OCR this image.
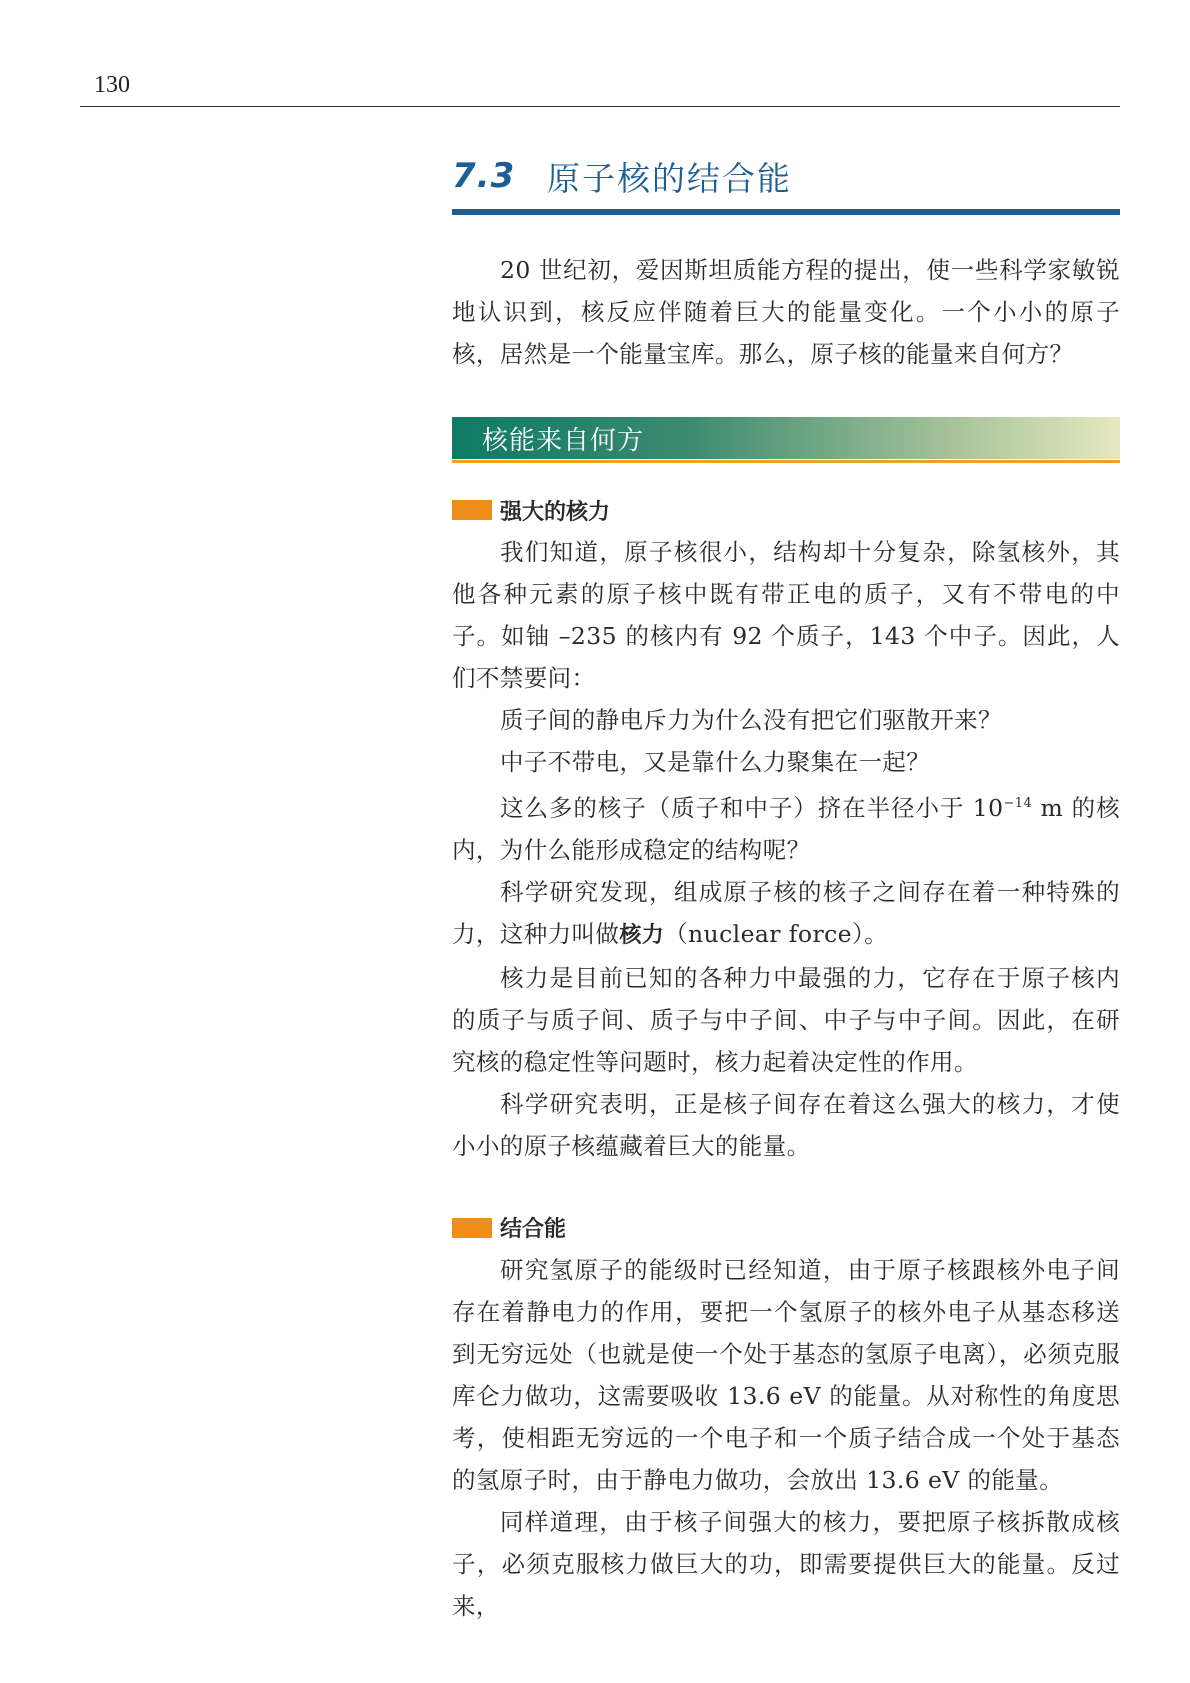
130
7.3 原子核的结合能

20 世纪初，爱因斯坦质能方程的提出，使一些科学家敏锐地认识到，核反应伴随着巨大的能量变化。一个小小的原子核，居然是一个能量宝库。那么，原子核的能量来自何方？

核能来自何方
强大的核力

我们知道，原子核很小，结构却十分复杂，除氢核外，其他各种元素的原子核中既有带正电的质子，又有不带电的中子。如铀 –235 的核内有 92 个质子，143 个中子。因此，人们不禁要问：

质子间的静电斥力为什么没有把它们驱散开来？

中子不带电，又是靠什么力聚集在一起？

这么多的核子（质子和中子）挤在半径小于 $10^{-14}$ m 的核内，为什么能形成稳定的结构呢？

科学研究发现，组成原子核的核子之间存在着一种特殊的力，这种力叫做核力（nuclear force）。

核力是目前已知的各种力中最强的力，它存在于原子核内的质子与质子间、质子与中子间、中子与中子间。因此，在研究核的稳定性等问题时，核力起着决定性的作用。

科学研究表明，正是核子间存在着这么强大的核力，才使小小的原子核蕴藏着巨大的能量。

结合能

研究氢原子的能级时已经知道，由于原子核跟核外电子间存在着静电力的作用，要把一个氢原子的核外电子从基态移送到无穷远处（也就是使一个处于基态的氢原子电离），必须克服库仑力做功，这需要吸收 13.6 eV 的能量。从对称性的角度思考，使相距无穷远的一个电子和一个质子结合成一个处于基态的氢原子时，由于静电力做功，会放出 13.6 eV 的能量。

同样道理，由于核子间强大的核力，要把原子核拆散成核子，必须克服核力做巨大的功，即需要提供巨大的能量。反过来，
